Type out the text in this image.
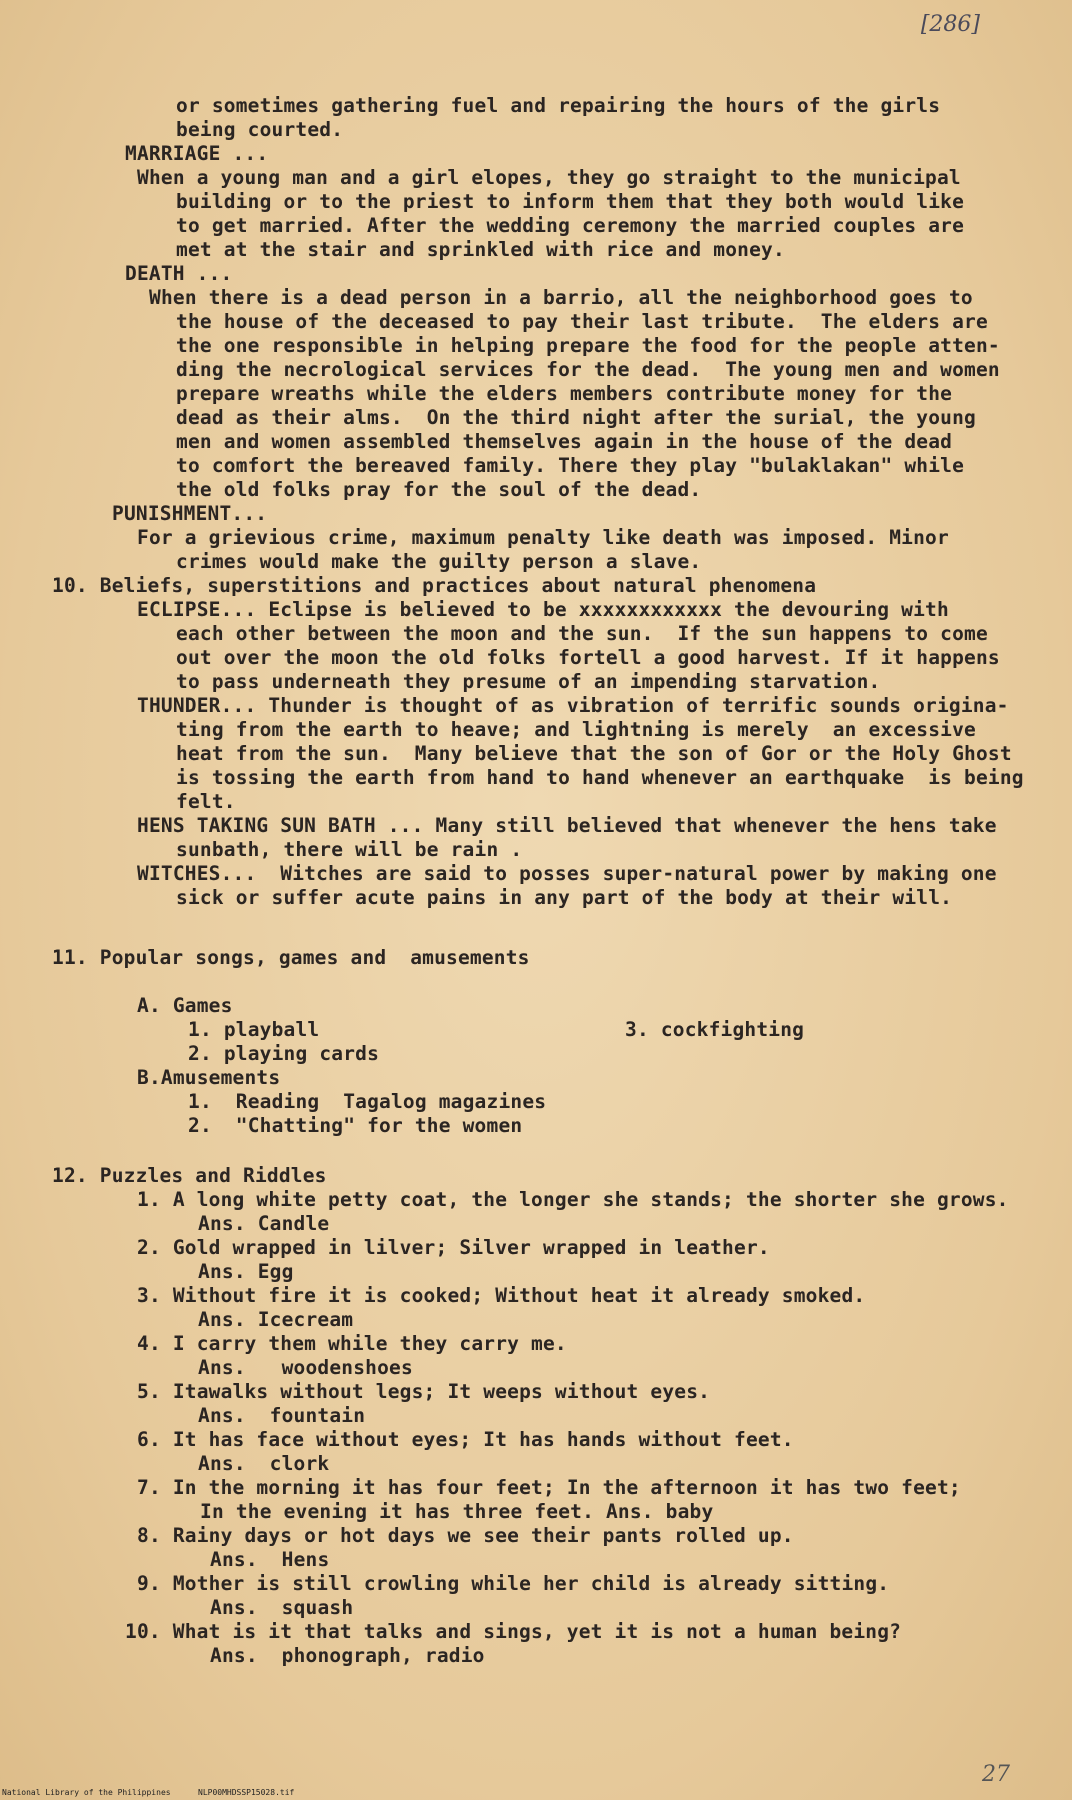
[286]
or sometimes gathering fuel and repairing the hours of the girls
being courted.
MARRIAGE ...
When a young man and a girl elopes, they go straight to the municipal
building or to the priest to inform them that they both would like
to get married. After the wedding ceremony the married couples are
met at the stair and sprinkled with rice and money.
DEATH ...
When there is a dead person in a barrio, all the neighborhood goes to
the house of the deceased to pay their last tribute.  The elders are
the one responsible in helping prepare the food for the people atten-
ding the necrological services for the dead.  The young men and women
prepare wreaths while the elders members contribute money for the
dead as their alms.  On the third night after the surial, the young
men and women assembled themselves again in the house of the dead
to comfort the bereaved family. There they play "bulaklakan" while
the old folks pray for the soul of the dead.
PUNISHMENT...
For a grievious crime, maximum penalty like death was imposed. Minor
crimes would make the guilty person a slave.
10. Beliefs, superstitions and practices about natural phenomena
ECLIPSE... Eclipse is believed to be xxxxxxxxxxxx the devouring with
each other between the moon and the sun.  If the sun happens to come
out over the moon the old folks fortell a good harvest. If it happens
to pass underneath they presume of an impending starvation.
THUNDER... Thunder is thought of as vibration of terrific sounds origina-
ting from the earth to heave; and lightning is merely  an excessive
heat from the sun.  Many believe that the son of Gor or the Holy Ghost
is tossing the earth from hand to hand whenever an earthquake  is being
felt.
HENS TAKING SUN BATH ... Many still believed that whenever the hens take
sunbath, there will be rain .
WITCHES...  Witches are said to posses super-natural power by making one
sick or suffer acute pains in any part of the body at their will.
11. Popular songs, games and  amusements
A. Games
1. playball	3. cockfighting
2. playing cards
B.Amusements
1.  Reading  Tagalog magazines
2.  "Chatting" for the women
12. Puzzles and Riddles
1. A long white petty coat, the longer she stands; the shorter she grows.
Ans. Candle
2. Gold wrapped in lilver; Silver wrapped in leather.
Ans. Egg
3. Without fire it is cooked; Without heat it already smoked.
Ans. Icecream
4. I carry them while they carry me.
Ans.   woodenshoes
5. Itawalks without legs; It weeps without eyes.
Ans.  fountain
6. It has face without eyes; It has hands without feet.
Ans.  clork
7. In the morning it has four feet; In the afternoon it has two feet;
In the evening it has three feet. Ans. baby
8. Rainy days or hot days we see their pants rolled up.
Ans.  Hens
9. Mother is still crowling while her child is already sitting.
Ans.  squash
10. What is it that talks and sings, yet it is not a human being?
Ans.  phonograph, radio
27
National Library of the Philippines	NLP00MHDSSP15028.tif
